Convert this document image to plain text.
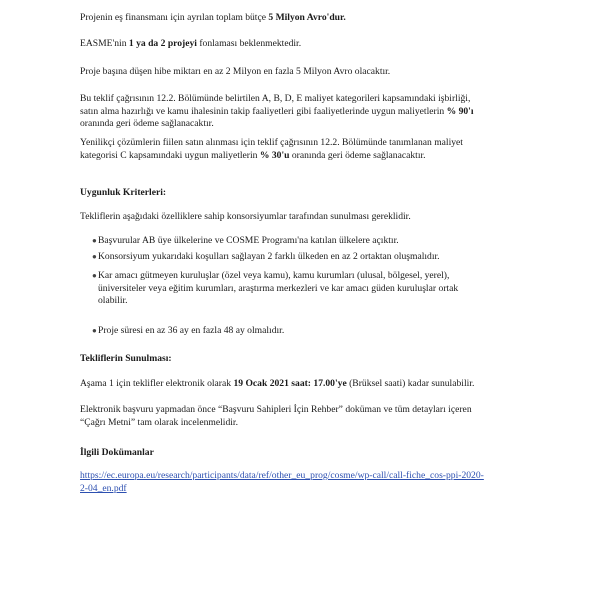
Projenin eş finansmanı için ayrılan toplam bütçe 5 Milyon Avro'dur.

EASME'nin 1 ya da 2 projeyi fonlaması beklenmektedir.

Proje başına düşen hibe miktarı en az 2 Milyon en fazla 5 Milyon Avro olacaktır.

Bu teklif çağrısının 12.2. Bölümünde belirtilen A, B, D, E maliyet kategorileri kapsamındaki işbirliği,
satın alma hazırlığı ve kamu ihalesinin takip faaliyetleri gibi faaliyetlerinde uygun maliyetlerin % 90'ı
oranında geri ödeme sağlanacaktır.

Yenilikçi çözümlerin fiilen satın alınması için teklif çağrısının 12.2. Bölümünde tanımlanan maliyet
kategorisi C kapsamındaki uygun maliyetlerin % 30'u oranında geri ödeme sağlanacaktır.

Uygunluk Kriterleri:

Tekliflerin aşağıdaki özelliklere sahip konsorsiyumlar tarafından sunulması gereklidir.

● Başvurular AB üye ülkelerine ve COSME Programı'na katılan ülkelere açıktır.
● Konsorsiyum yukarıdaki koşulları sağlayan 2 farklı ülkeden en az 2 ortaktan oluşmalıdır.
● Kar amacı gütmeyen kuruluşlar (özel veya kamu), kamu kurumları (ulusal, bölgesel, yerel),
üniversiteler veya eğitim kurumları, araştırma merkezleri ve kar amacı güden kuruluşlar ortak
olabilir.
● Proje süresi en az 36 ay en fazla 48 ay olmalıdır.

Tekliflerin Sunulması:

Aşama 1 için teklifler elektronik olarak 19 Ocak 2021 saat: 17.00'ye (Brüksel saati) kadar sunulabilir.

Elektronik başvuru yapmadan önce “Başvuru Sahipleri İçin Rehber” doküman ve tüm detayları içeren
“Çağrı Metni” tam olarak incelenmelidir.

İlgili Dokümanlar

https://ec.europa.eu/research/participants/data/ref/other_eu_prog/cosme/wp-call/call-fiche_cos-ppi-2020-
2-04_en.pdf
